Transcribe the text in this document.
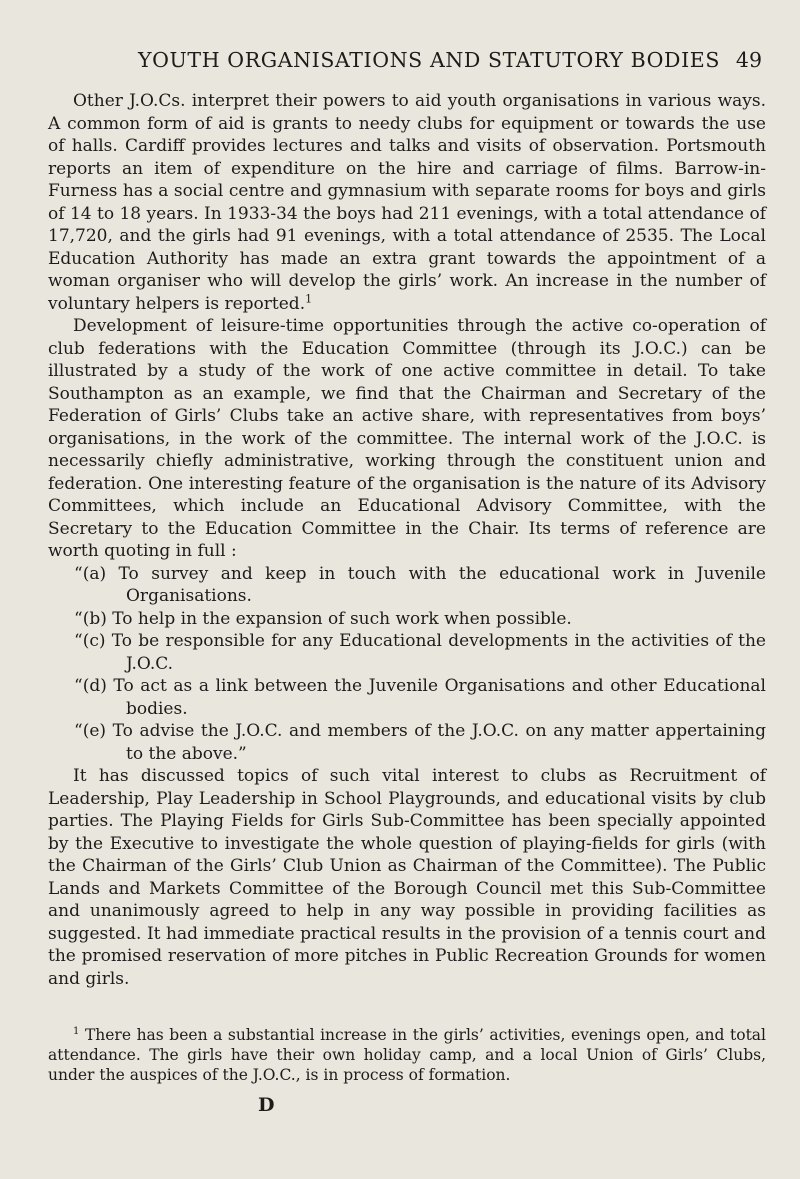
YOUTH ORGANISATIONS AND STATUTORY BODIES 49

Other J.O.Cs. interpret their powers to aid youth organisations in various ways. A common form of aid is grants to needy clubs for equipment or towards the use of halls. Cardiff provides lectures and talks and visits of observation. Portsmouth reports an item of expenditure on the hire and carriage of films. Barrow-in-Furness has a social centre and gymnasium with separate rooms for boys and girls of 14 to 18 years. In 1933-34 the boys had 211 evenings, with a total attendance of 17,720, and the girls had 91 evenings, with a total attendance of 2535. The Local Education Authority has made an extra grant towards the appointment of a woman organiser who will develop the girls’ work. An increase in the number of voluntary helpers is reported.$^1$

Development of leisure-time opportunities through the active co-operation of club federations with the Education Committee (through its J.O.C.) can be illustrated by a study of the work of one active committee in detail. To take Southampton as an example, we find that the Chairman and Secretary of the Federation of Girls’ Clubs take an active share, with representatives from boys’ organisations, in the work of the committee. The internal work of the J.O.C. is necessarily chiefly administrative, working through the constituent union and federation. One interesting feature of the organisation is the nature of its Advisory Committees, which include an Educational Advisory Committee, with the Secretary to the Education Committee in the Chair. Its terms of reference are worth quoting in full :

“(a) To survey and keep in touch with the educational work in Juvenile Organisations.
“(b) To help in the expansion of such work when possible.
“(c) To be responsible for any Educational developments in the activities of the J.O.C.
“(d) To act as a link between the Juvenile Organisations and other Educational bodies.
“(e) To advise the J.O.C. and members of the J.O.C. on any matter appertaining to the above.”

It has discussed topics of such vital interest to clubs as Recruitment of Leadership, Play Leadership in School Playgrounds, and educational visits by club parties. The Playing Fields for Girls Sub-Committee has been specially appointed by the Executive to investigate the whole question of playing-fields for girls (with the Chairman of the Girls’ Club Union as Chairman of the Committee). The Public Lands and Markets Committee of the Borough Council met this Sub-Committee and unanimously agreed to help in any way possible in providing facilities as suggested. It had immediate practical results in the provision of a tennis court and the promised reservation of more pitches in Public Recreation Grounds for women and girls.

$^1$ There has been a substantial increase in the girls’ activities, evenings open, and total attendance. The girls have their own holiday camp, and a local Union of Girls’ Clubs, under the auspices of the J.O.C., is in process of formation.

D
